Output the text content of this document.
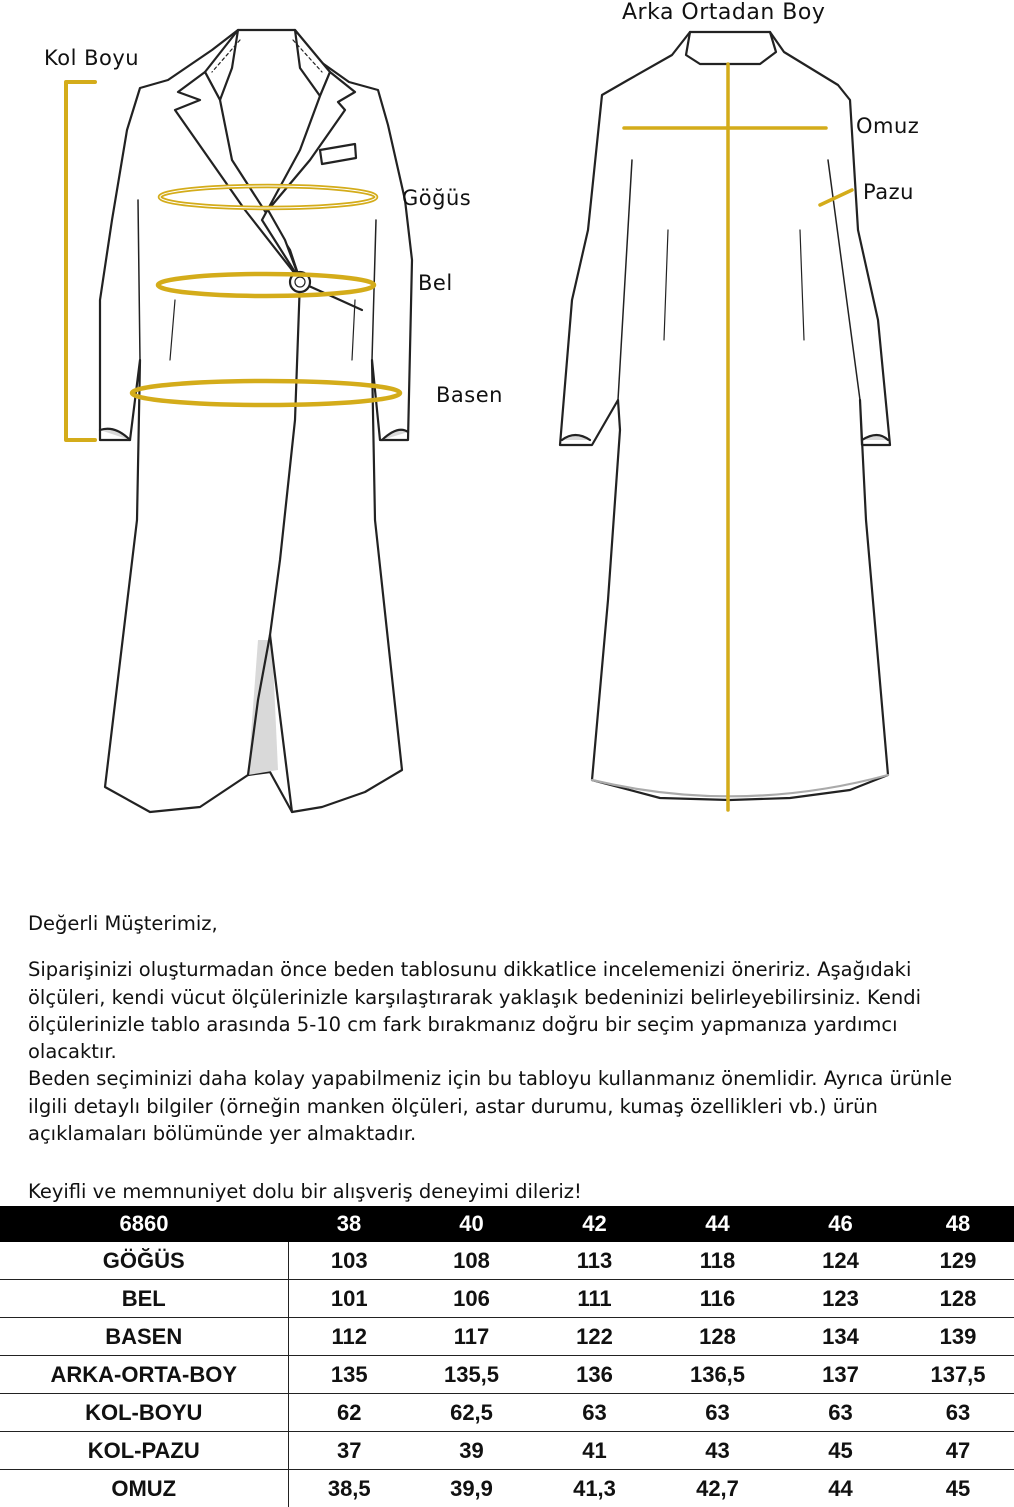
Kol Boyu
Arka Ortadan Boy
Göğüs
Bel
Basen
Omuz
Pazu

Değerli Müşterimiz,

Siparişinizi oluşturmadan önce beden tablosunu dikkatlice incelemenizi öneririz. Aşağıdaki ölçüleri, kendi vücut ölçülerinizle karşılaştırarak yaklaşık bedeninizi belirleyebilirsiniz. Kendi ölçülerinizle tablo arasında 5-10 cm fark bırakmanız doğru bir seçim yapmanıza yardımcı olacaktır.

Beden seçiminizi daha kolay yapabilmeniz için bu tabloyu kullanmanız önemlidir. Ayrıca ürünle ilgili detaylı bilgiler (örneğin manken ölçüleri, astar durumu, kumaş özellikleri vb.) ürün açıklamaları bölümünde yer almaktadır.

Keyifli ve memnuniyet dolu bir alışveriş deneyimi dileriz!

6860	38	40	42	44	46	48
GÖĞÜS	103	108	113	118	124	129
BEL	101	106	111	116	123	128
BASEN	112	117	122	128	134	139
ARKA-ORTA-BOY	135	135,5	136	136,5	137	137,5
KOL-BOYU	62	62,5	63	63	63	63
KOL-PAZU	37	39	41	43	45	47
OMUZ	38,5	39,9	41,3	42,7	44	45
